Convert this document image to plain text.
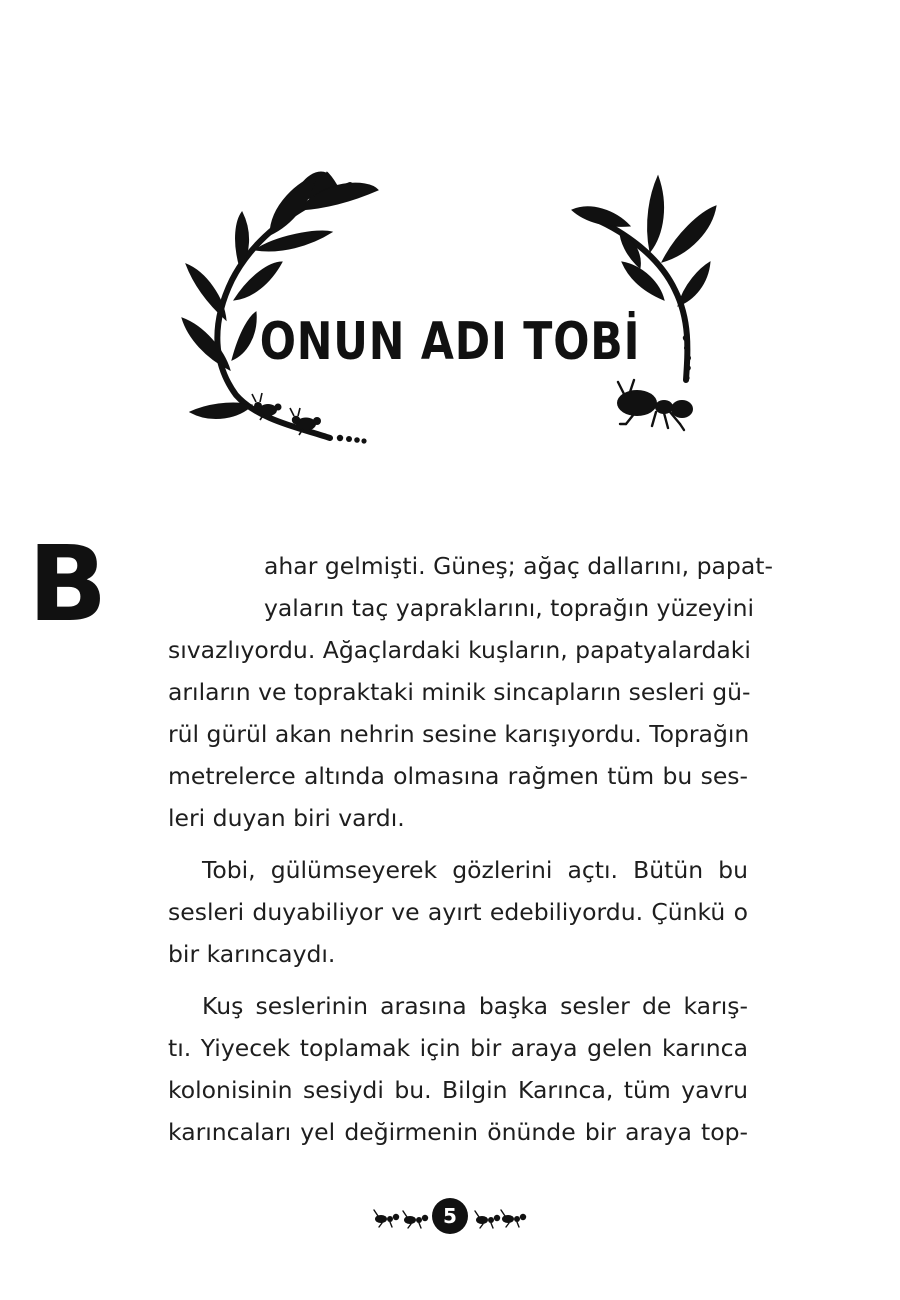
ONUN ADI TOBİ
B	ahar gelmişti. Güneş; ağaç dallarını, papat-
yaların taç yapraklarını, toprağın yüzeyini
sıvazlıyordu. Ağaçlardaki kuşların, papatyalardaki
arıların ve topraktaki minik sincapların sesleri gü-
rül gürül akan nehrin sesine karışıyordu. Toprağın
metrelerce altında olmasına rağmen tüm bu ses-
leri duyan biri vardı.

Tobi, gülümseyerek gözlerini açtı. Bütün bu
sesleri duyabiliyor ve ayırt edebiliyordu. Çünkü o
bir karıncaydı.

Kuş seslerinin arasına başka sesler de karış-
tı. Yiyecek toplamak için bir araya gelen karınca
kolonisinin sesiydi bu. Bilgin Karınca, tüm yavru
karıncaları yel değirmenin önünde bir araya top-

5
